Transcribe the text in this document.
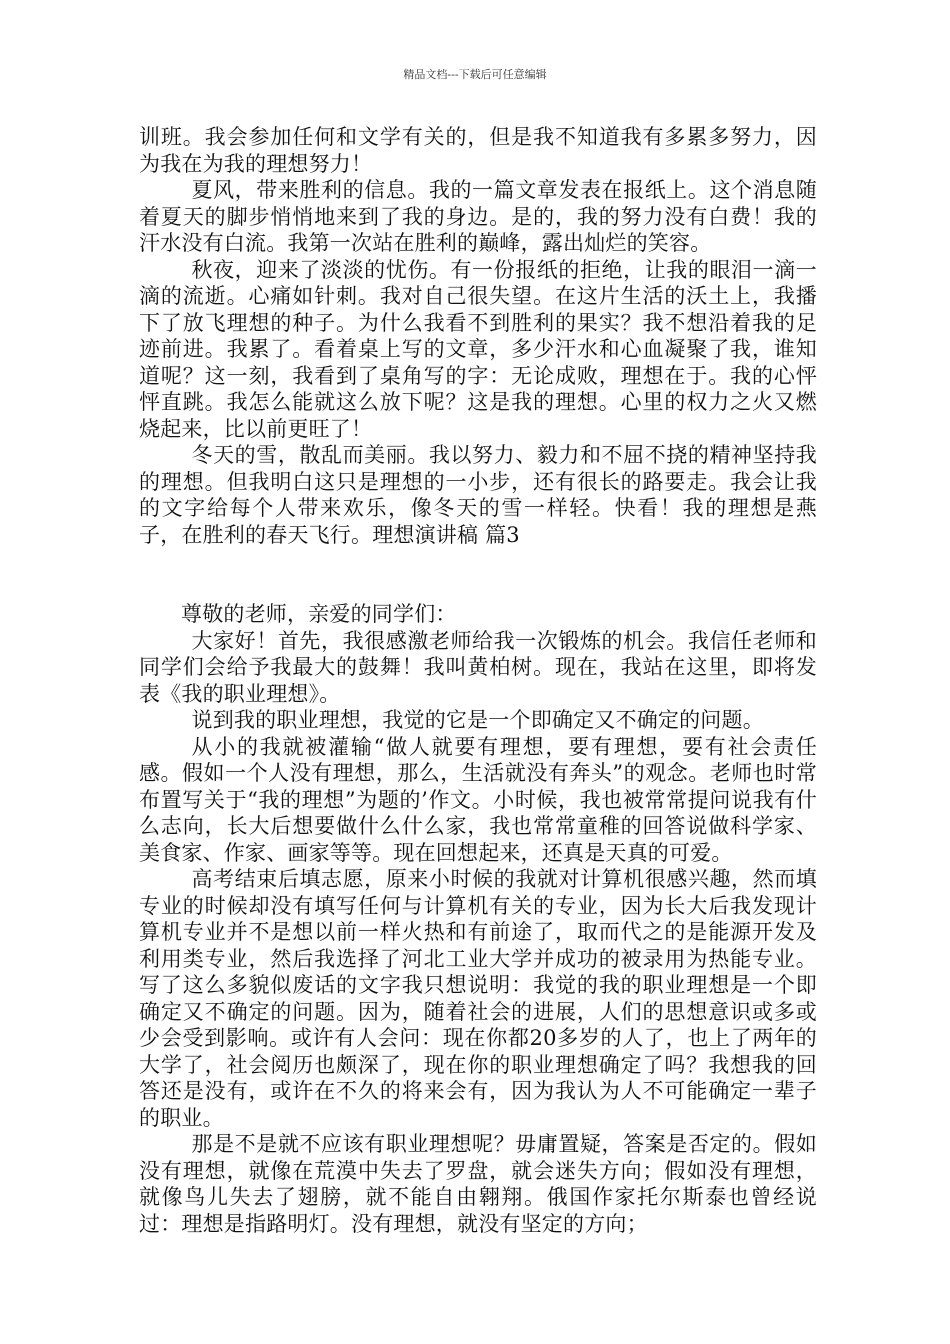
精品文档---下载后可任意编辑

训班。我会参加任何和文学有关的，但是我不知道我有多累多努力，因为我在为我的理想努力！

夏风，带来胜利的信息。我的一篇文章发表在报纸上。这个消息随着夏天的脚步悄悄地来到了我的身边。是的，我的努力没有白费！我的汗水没有白流。我第一次站在胜利的巅峰，露出灿烂的笑容。

秋夜，迎来了淡淡的忧伤。有一份报纸的拒绝，让我的眼泪一滴一滴的流逝。心痛如针刺。我对自己很失望。在这片生活的沃土上，我播下了放飞理想的种子。为什么我看不到胜利的果实？我不想沿着我的足迹前进。我累了。看着桌上写的文章，多少汗水和心血凝聚了我，谁知道呢？这一刻，我看到了桌角写的字：无论成败，理想在于。我的心怦怦直跳。我怎么能就这么放下呢？这是我的理想。心里的权力之火又燃烧起来，比以前更旺了！

冬天的雪，散乱而美丽。我以努力、毅力和不屈不挠的精神坚持我的理想。但我明白这只是理想的一小步，还有很长的路要走。我会让我的文字给每个人带来欢乐，像冬天的雪一样轻。快看！我的理想是燕子，在胜利的春天飞行。理想演讲稿 篇3

尊敬的老师，亲爱的同学们：

大家好！首先，我很感激老师给我一次锻炼的机会。我信任老师和同学们会给予我最大的鼓舞！我叫黄柏树。现在，我站在这里，即将发表《我的职业理想》。

说到我的职业理想，我觉的它是一个即确定又不确定的问题。

从小的我就被灌输“做人就要有理想，要有理想，要有社会责任感。假如一个人没有理想，那么，生活就没有奔头”的观念。老师也时常布置写关于“我的理想”为题的’作文。小时候，我也被常常提问说我有什么志向，长大后想要做什么什么家，我也常常童稚的回答说做科学家、美食家、作家、画家等等。现在回想起来，还真是天真的可爱。

高考结束后填志愿，原来小时候的我就对计算机很感兴趣，然而填专业的时候却没有填写任何与计算机有关的专业，因为长大后我发现计算机专业并不是想以前一样火热和有前途了，取而代之的是能源开发及利用类专业，然后我选择了河北工业大学并成功的被录用为热能专业。写了这么多貌似废话的文字我只想说明：我觉的我的职业理想是一个即确定又不确定的问题。因为，随着社会的进展，人们的思想意识或多或少会受到影响。或许有人会问：现在你都20多岁的人了，也上了两年的大学了，社会阅历也颇深了，现在你的职业理想确定了吗？我想我的回答还是没有，或许在不久的将来会有，因为我认为人不可能确定一辈子的职业。

那是不是就不应该有职业理想呢？毋庸置疑，答案是否定的。假如没有理想，就像在荒漠中失去了罗盘，就会迷失方向；假如没有理想，就像鸟儿失去了翅膀，就不能自由翱翔。俄国作家托尔斯泰也曾经说过：理想是指路明灯。没有理想，就没有坚定的方向；
